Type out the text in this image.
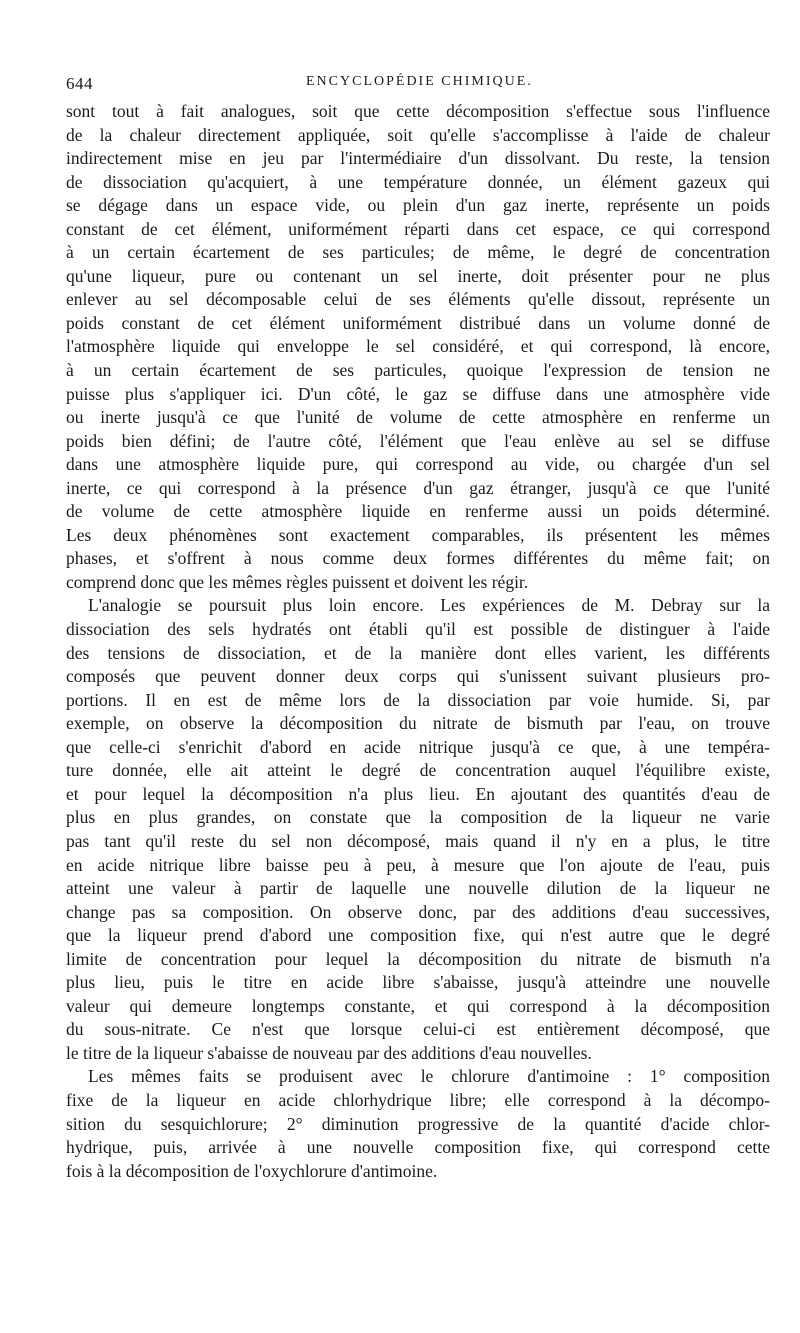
644	ENCYCLOPÉDIE CHIMIQUE.
sont tout à fait analogues, soit que cette décomposition s'effectue sous l'influence
de la chaleur directement appliquée, soit qu'elle s'accomplisse à l'aide de chaleur
indirectement mise en jeu par l'intermédiaire d'un dissolvant. Du reste, la tension
de dissociation qu'acquiert, à une température donnée, un élément gazeux qui
se dégage dans un espace vide, ou plein d'un gaz inerte, représente un poids
constant de cet élément, uniformément réparti dans cet espace, ce qui correspond
à un certain écartement de ses particules; de même, le degré de concentration
qu'une liqueur, pure ou contenant un sel inerte, doit présenter pour ne plus
enlever au sel décomposable celui de ses éléments qu'elle dissout, représente un
poids constant de cet élément uniformément distribué dans un volume donné de
l'atmosphère liquide qui enveloppe le sel considéré, et qui correspond, là encore,
à un certain écartement de ses particules, quoique l'expression de tension ne
puisse plus s'appliquer ici. D'un côté, le gaz se diffuse dans une atmosphère vide
ou inerte jusqu'à ce que l'unité de volume de cette atmosphère en renferme un
poids bien défini; de l'autre côté, l'élément que l'eau enlève au sel se diffuse
dans une atmosphère liquide pure, qui correspond au vide, ou chargée d'un sel
inerte, ce qui correspond à la présence d'un gaz étranger, jusqu'à ce que l'unité
de volume de cette atmosphère liquide en renferme aussi un poids déterminé.
Les deux phénomènes sont exactement comparables, ils présentent les mêmes
phases, et s'offrent à nous comme deux formes différentes du même fait; on
comprend donc que les mêmes règles puissent et doivent les régir.
L'analogie se poursuit plus loin encore. Les expériences de M. Debray sur la
dissociation des sels hydratés ont établi qu'il est possible de distinguer à l'aide
des tensions de dissociation, et de la manière dont elles varient, les différents
composés que peuvent donner deux corps qui s'unissent suivant plusieurs pro-
portions. Il en est de même lors de la dissociation par voie humide. Si, par
exemple, on observe la décomposition du nitrate de bismuth par l'eau, on trouve
que celle-ci s'enrichit d'abord en acide nitrique jusqu'à ce que, à une tempéra-
ture donnée, elle ait atteint le degré de concentration auquel l'équilibre existe,
et pour lequel la décomposition n'a plus lieu. En ajoutant des quantités d'eau de
plus en plus grandes, on constate que la composition de la liqueur ne varie
pas tant qu'il reste du sel non décomposé, mais quand il n'y en a plus, le titre
en acide nitrique libre baisse peu à peu, à mesure que l'on ajoute de l'eau, puis
atteint une valeur à partir de laquelle une nouvelle dilution de la liqueur ne
change pas sa composition. On observe donc, par des additions d'eau successives,
que la liqueur prend d'abord une composition fixe, qui n'est autre que le degré
limite de concentration pour lequel la décomposition du nitrate de bismuth n'a
plus lieu, puis le titre en acide libre s'abaisse, jusqu'à atteindre une nouvelle
valeur qui demeure longtemps constante, et qui correspond à la décomposition
du sous-nitrate. Ce n'est que lorsque celui-ci est entièrement décomposé, que
le titre de la liqueur s'abaisse de nouveau par des additions d'eau nouvelles.
Les mêmes faits se produisent avec le chlorure d'antimoine : 1° composition
fixe de la liqueur en acide chlorhydrique libre; elle correspond à la décompo-
sition du sesquichlorure; 2° diminution progressive de la quantité d'acide chlor-
hydrique, puis, arrivée à une nouvelle composition fixe, qui correspond cette
fois à la décomposition de l'oxychlorure d'antimoine.
